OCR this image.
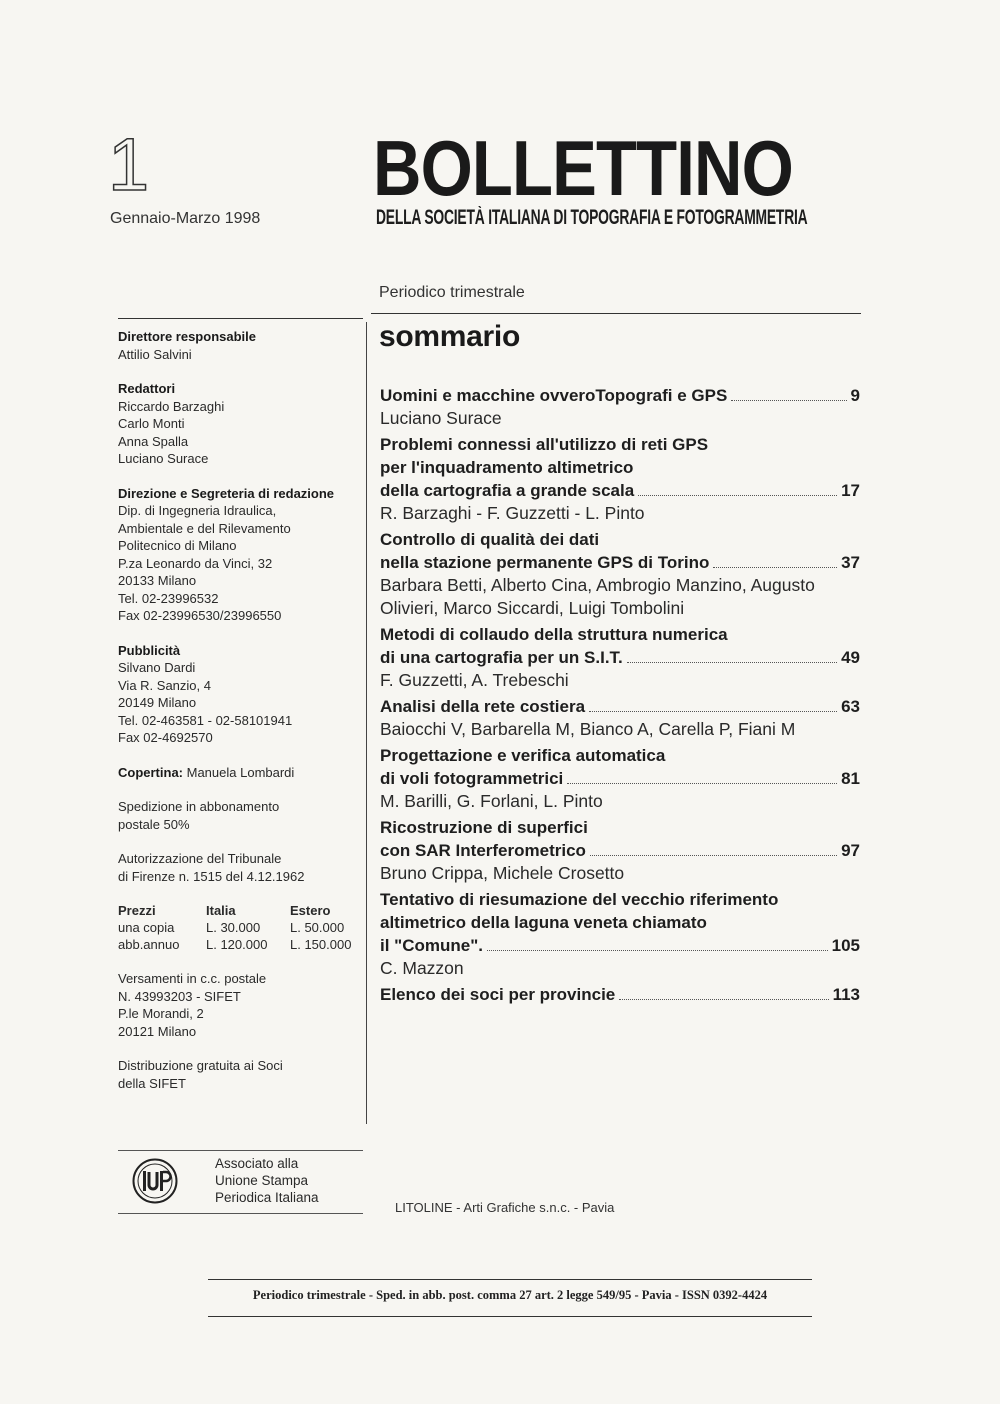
1
Gennaio-Marzo 1998
BOLLETTINO
DELLA SOCIETÀ ITALIANA DI TOPOGRAFIA E FOTOGRAMMETRIA
Periodico trimestrale
Direttore responsabile
Attilio Salvini
Redattori
Riccardo Barzaghi
Carlo Monti
Anna Spalla
Luciano Surace
Direzione e Segreteria di redazione
Dip. di Ingegneria Idraulica,
Ambientale e del Rilevamento
Politecnico di Milano
P.za Leonardo da Vinci, 32
20133 Milano
Tel. 02-23996532
Fax 02-23996530/23996550
Pubblicità
Silvano Dardi
Via R. Sanzio, 4
20149 Milano
Tel. 02-463581 - 02-58101941
Fax 02-4692570
Copertina: Manuela Lombardi
Spedizione in abbonamento
postale 50%
Autorizzazione del Tribunale
di Firenze n. 1515 del 4.12.1962
Prezzi	Italia	Estero
una copia	L. 30.000	L. 50.000
abb.annuo	L. 120.000	L. 150.000
Versamenti in c.c. postale
N. 43993203 - SIFET
P.le Morandi, 2
20121 Milano
Distribuzione gratuita ai Soci
della SIFET
sommario
Uomini e macchine ovveroTopografi e GPS	9
Luciano Surace
Problemi connessi all'utilizzo di reti GPS
per l'inquadramento altimetrico
della cartografia a grande scala	17
R. Barzaghi - F. Guzzetti - L. Pinto
Controllo di qualità dei dati
nella stazione permanente GPS di Torino	37
Barbara Betti, Alberto Cina, Ambrogio Manzino, Augusto
Olivieri, Marco Siccardi, Luigi Tombolini
Metodi di collaudo della struttura numerica
di una cartografia per un S.I.T.	49
F. Guzzetti, A. Trebeschi
Analisi della rete costiera	63
Baiocchi V, Barbarella M, Bianco A, Carella P, Fiani M
Progettazione e verifica automatica
di voli fotogrammetrici	81
M. Barilli, G. Forlani, L. Pinto
Ricostruzione di superfici
con SAR Interferometrico	97
Bruno Crippa, Michele Crosetto
Tentativo di riesumazione del vecchio riferimento
altimetrico della laguna veneta chiamato
il "Comune".	105
C. Mazzon
Elenco dei soci per provincie	113
Associato alla
Unione Stampa
Periodica Italiana
LITOLINE - Arti Grafiche s.n.c. - Pavia
Periodico trimestrale - Sped. in abb. post. comma 27 art. 2 legge 549/95 - Pavia - ISSN 0392-4424
